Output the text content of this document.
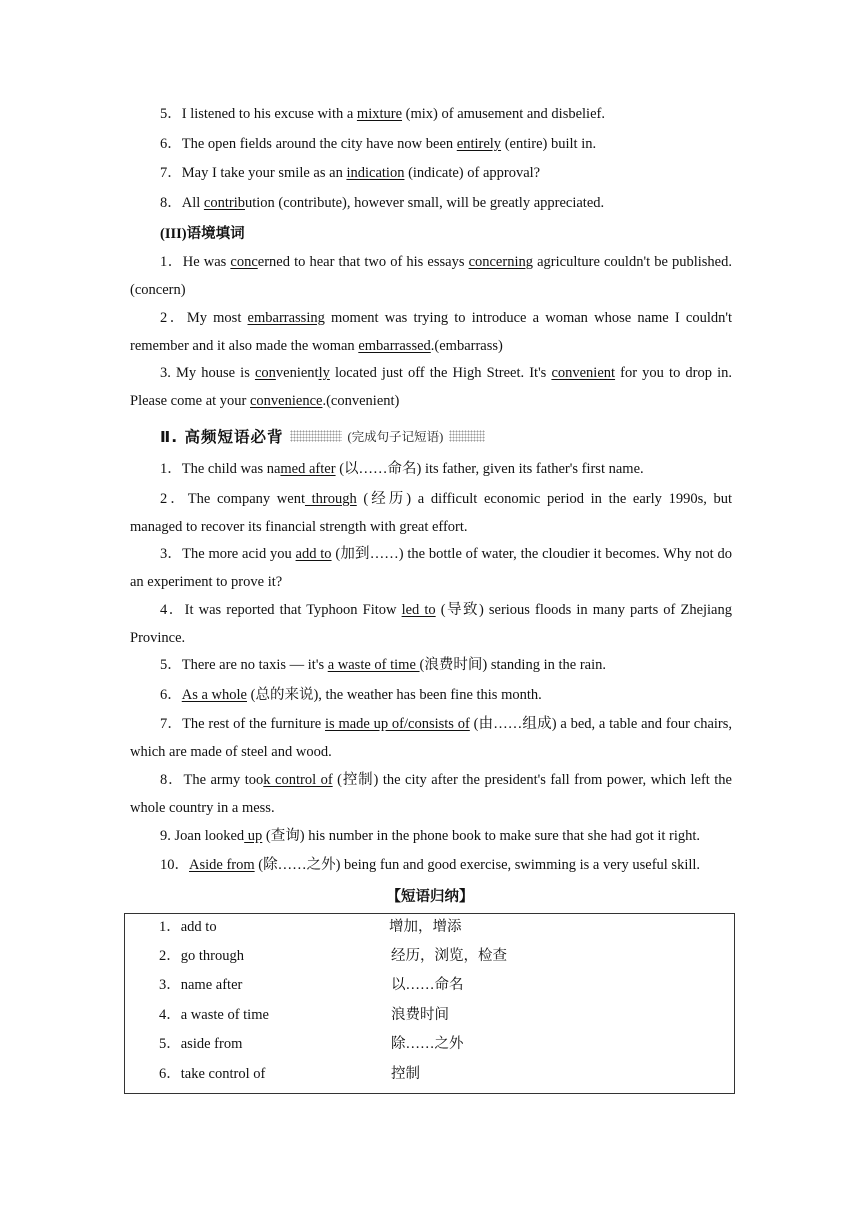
5．I listened to his excuse with a mixture (mix) of amusement and disbelief.
6．The open fields around the city have now been entirely (entire) built in.
7．May I take your smile as an indication (indicate) of approval?
8．All contribution (contribute), however small, will be greatly appreciated.
(III)语境填词
1．He was concerned to hear that two of his essays concerning agriculture couldn't be published.(concern)
2．My most embarrassing moment was trying to introduce a woman whose name I couldn't remember and it also made the woman embarrassed.(embarrass)
3. My house is conveniently located just off the High Street. It's convenient for you to drop in. Please come at your convenience.(convenient)
Ⅱ. 高频短语必背	(完成句子记短语)
1．The child was named after (以……命名) its father, given its father's first name.
2．The company went through (经历) a difficult economic period in the early 1990s, but managed to recover its financial strength with great effort.
3．The more acid you add to (加到……) the bottle of water, the cloudier it becomes. Why not do an experiment to prove it?
4．It was reported that Typhoon Fitow led to (导致) serious floods in many parts of Zhejiang Province.
5．There are no taxis — it's a waste of time (浪费时间) standing in the rain.
6．As a whole (总的来说), the weather has been fine this month.
7．The rest of the furniture is made up of/consists of (由……组成) a bed, a table and four chairs, which are made of steel and wood.
8．The army took control of (控制) the city after the president's fall from power, which left the whole country in a mess.
9. Joan looked up (查询) his number in the phone book to make sure that she had got it right.
10．Aside from (除……之外) being fun and good exercise, swimming is a very useful skill.
【短语归纳】
1．add to	增加，增添
2．go through	经历，浏览，检查
3．name after	以……命名
4．a waste of time	浪费时间
5．aside from	除……之外
6．take control of	控制
